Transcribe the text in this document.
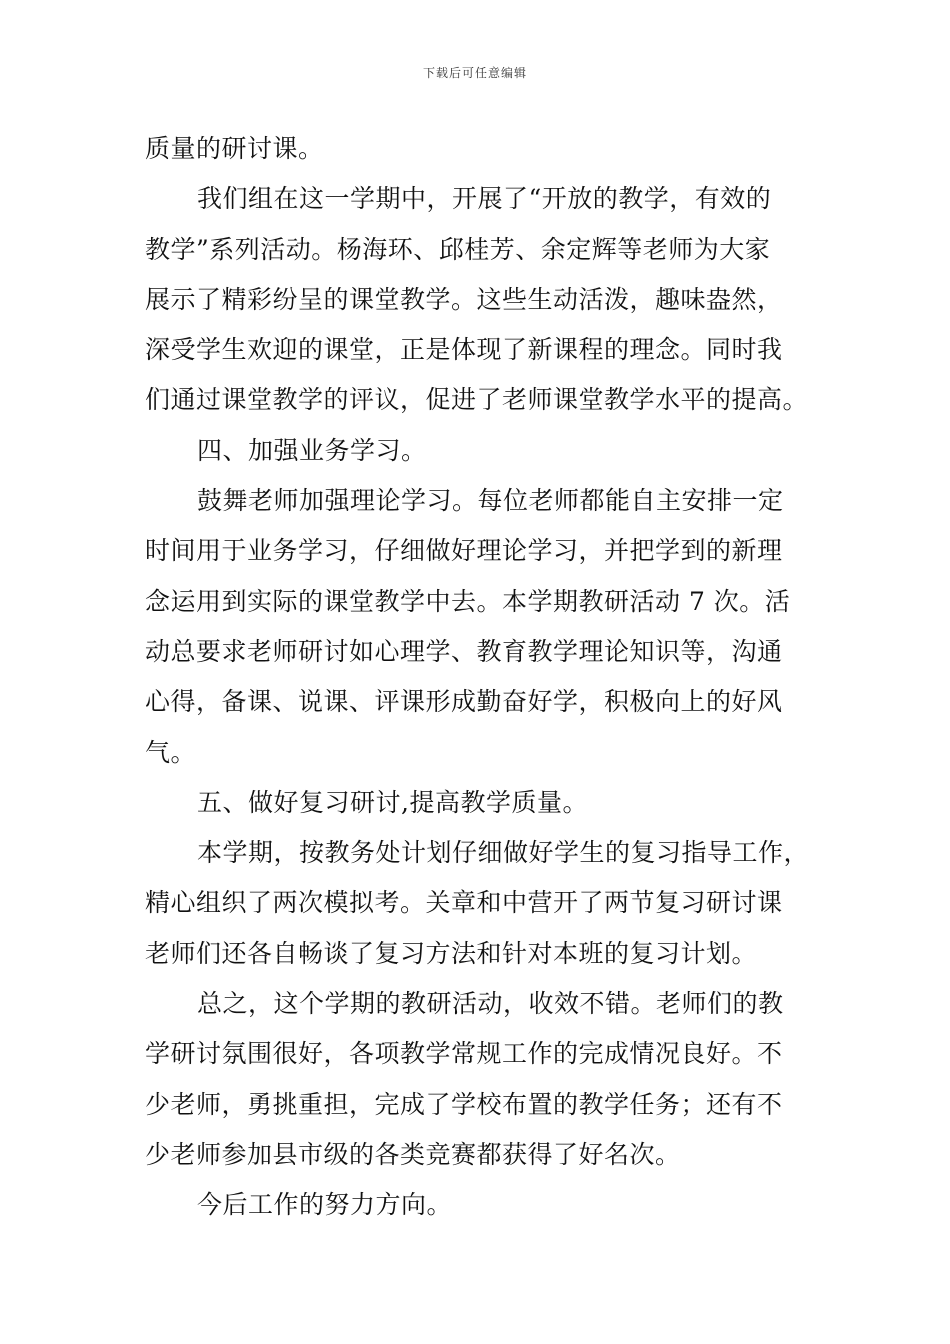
下载后可任意编辑
质量的研讨课。
我们组在这一学期中，开展了“开放的教学，有效的
教学”系列活动。杨海环、邱桂芳、余定辉等老师为大家
展示了精彩纷呈的课堂教学。这些生动活泼，趣味盎然，
深受学生欢迎的课堂，正是体现了新课程的理念。同时我
们通过课堂教学的评议，促进了老师课堂教学水平的提高。
四、加强业务学习。
鼓舞老师加强理论学习。每位老师都能自主安排一定
时间用于业务学习，仔细做好理论学习，并把学到的新理
念运用到实际的课堂教学中去。本学期教研活动 7 次。活
动总要求老师研讨如心理学、教育教学理论知识等，沟通
心得，备课、说课、评课形成勤奋好学，积极向上的好风
气。
五、做好复习研讨,提高教学质量。
本学期，按教务处计划仔细做好学生的复习指导工作，
精心组织了两次模拟考。关章和中营开了两节复习研讨课
老师们还各自畅谈了复习方法和针对本班的复习计划。
总之，这个学期的教研活动，收效不错。老师们的教
学研讨氛围很好，各项教学常规工作的完成情况良好。不
少老师，勇挑重担，完成了学校布置的教学任务；还有不
少老师参加县市级的各类竞赛都获得了好名次。
今后工作的努力方向。
